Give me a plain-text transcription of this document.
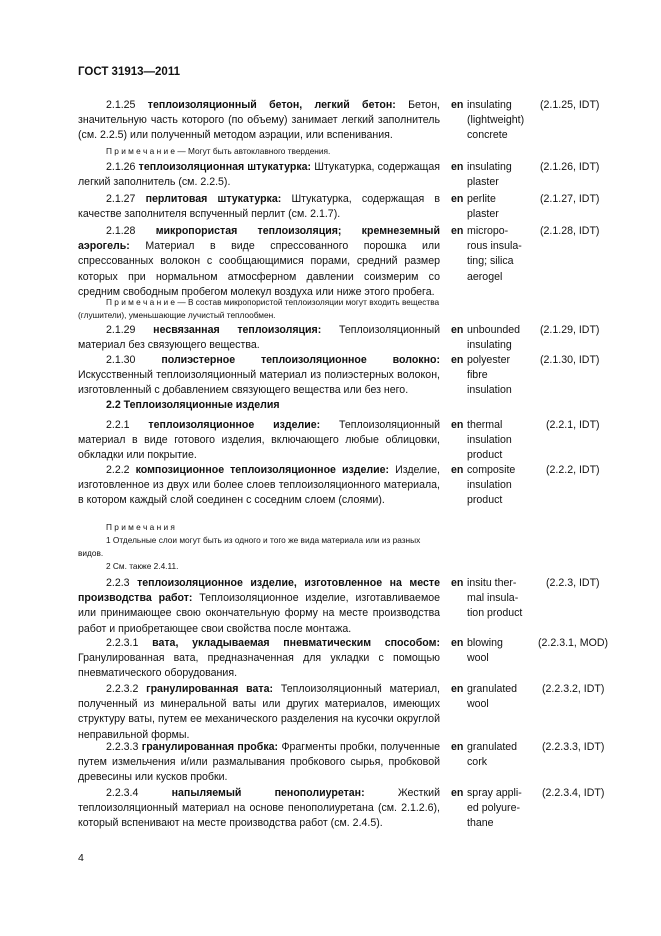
ГОСТ 31913—2011
2.1.25 теплоизоляционный бетон, легкий бетон: Бетон, значительную часть которого (по объему) занимает легкий заполнитель (см. 2.2.5) или полученный методом аэрации, или вспенивания.
en insulating
(lightweight)
concrete
(2.1.25, IDT)
П р и м е ч а н и е — Могут быть автоклавного твердения.
2.1.26 теплоизоляционная штукатурка: Штукатурка, содержащая легкий заполнитель (см. 2.2.5).
en insulating
plaster
(2.1.26, IDT)
2.1.27 перлитовая штукатурка: Штукатурка, содержащая в качестве заполнителя вспученный перлит (см. 2.1.7).
en perlite
plaster
(2.1.27, IDT)
2.1.28 микропористая теплоизоляция; кремнеземный аэрогель: Материал в виде спрессованного порошка или спрессованных волокон с сообщающимися порами, средний размер которых при нормальном атмосферном давлении соизмерим со средним свободным пробегом молекул воздуха или ниже этого пробега.
en micropo-
rous insula-
ting; silica
aerogel
(2.1.28, IDT)
П р и м е ч а н и е — В состав микропористой теплоизоляции могут входить вещества (глушители), уменьшающие лучистый теплообмен.
2.1.29 несвязанная теплоизоляция: Теплоизоляционный материал без связующего вещества.
en unbounded
insulating
(2.1.29, IDT)
2.1.30 полиэстерное теплоизоляционное волокно: Искусственный теплоизоляционный материал из полиэстерных волокон, изготовленный с добавлением связующего вещества или без него.
en polyester
fibre
insulation
(2.1.30, IDT)
2.2 Теплоизоляционные изделия
2.2.1 теплоизоляционное изделие: Теплоизоляционный материал в виде готового изделия, включающего любые облицовки, обкладки или покрытие.
en thermal
insulation
product
(2.2.1, IDT)
2.2.2 композиционное теплоизоляционное изделие: Изделие, изготовленное из двух или более слоев теплоизоляционного материала, в котором каждый слой соединен с соседним слоем (слоями).
en composite
insulation
product
(2.2.2, IDT)
П р и м е ч а н и я
1 Отдельные слои могут быть из одного и того же вида материала или из разных видов.
2 См. также 2.4.11.
2.2.3 теплоизоляционное изделие, изготовленное на месте производства работ: Теплоизоляционное изделие, изготавливаемое или принимающее свою окончательную форму на месте производства работ и приобретающее свои свойства после монтажа.
en insitu ther-
mal insula-
tion product
(2.2.3, IDT)
2.2.3.1 вата, укладываемая пневматическим способом: Гранулированная вата, предназначенная для укладки с помощью пневматического оборудования.
en blowing
wool
(2.2.3.1, MOD)
2.2.3.2 гранулированная вата: Теплоизоляционный материал, полученный из минеральной ваты или других материалов, имеющих структуру ваты, путем ее механического разделения на кусочки округлой неправильной формы.
en granulated
wool
(2.2.3.2, IDT)
2.2.3.3 гранулированная пробка: Фрагменты пробки, полученные путем измельчения и/или размалывания пробкового сырья, пробковой древесины или кусков пробки.
en granulated
cork
(2.2.3.3, IDT)
2.2.3.4	напыляемый пенополиуретан:	Жесткий теплоизоляционный материал на основе пенополиуретана (см. 2.1.2.6), который вспенивают на месте производства работ (см. 2.4.5).
en spray appli-
ed polyure-
thane
(2.2.3.4, IDT)
4
